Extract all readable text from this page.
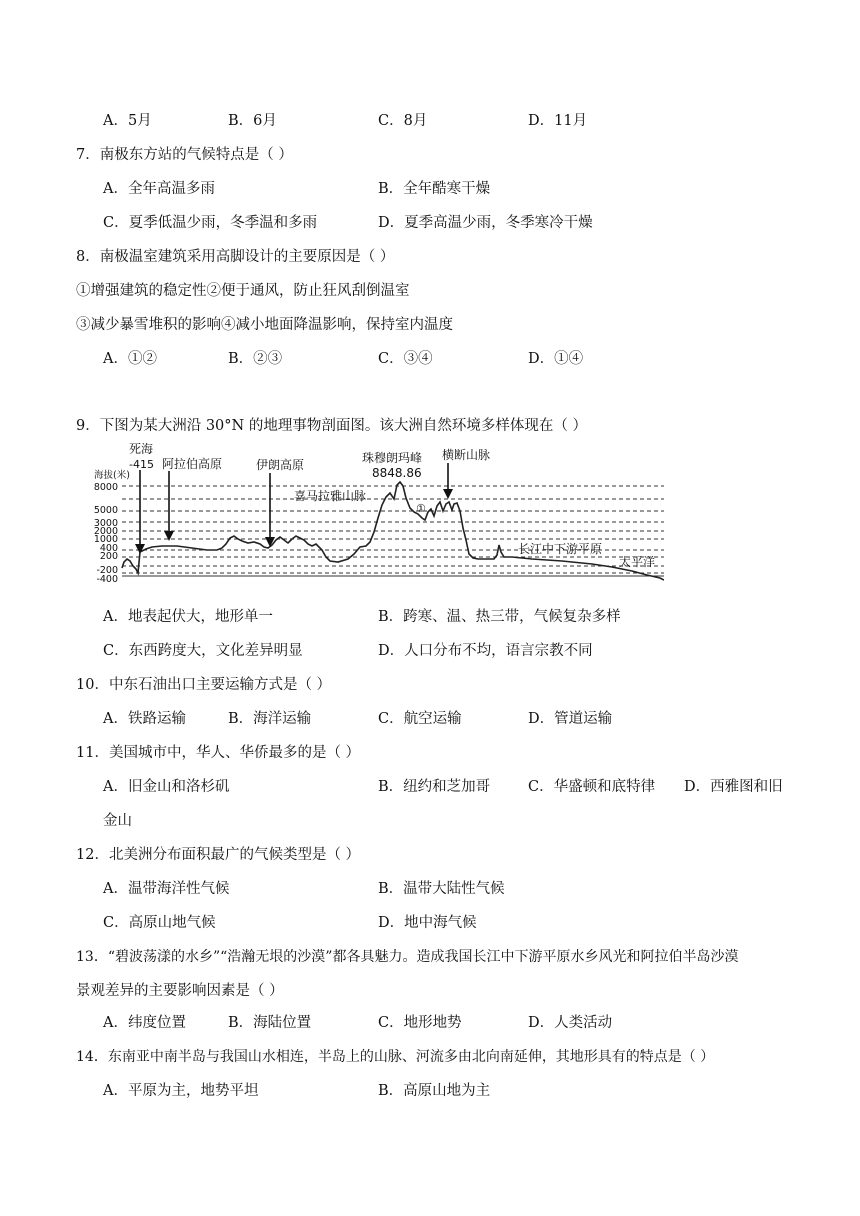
A．5月	B．6月	C．8月	D．11月
7．南极东方站的气候特点是（ ）
A．全年高温多雨	B．全年酷寒干燥
C．夏季低温少雨，冬季温和多雨	D．夏季高温少雨，冬季寒冷干燥
8．南极温室建筑采用高脚设计的主要原因是（ ）
①增强建筑的稳定性②便于通风，防止狂风刮倒温室
③减少暴雪堆积的影响④减小地面降温影响，保持室内温度
A．①②	B．②③	C．③④	D．①④
9．下图为某大洲沿 30°N 的地理事物剖面图。该大洲自然环境多样体现在（ ）
海拔(米)
8000
5000
3000
2000
1000
400
200
-200
-400
①
死海
-415 阿拉伯高原	伊朗高原	珠穆朗玛峰
8848.86
横断山脉
喜马拉雅山脉
长江中下游平原
太平洋
A．地表起伏大，地形单一	B．跨寒、温、热三带，气候复杂多样
C．东西跨度大，文化差异明显	D．人口分布不均，语言宗教不同
10．中东石油出口主要运输方式是（ ）
A．铁路运输	B．海洋运输	C．航空运输	D．管道运输
11．美国城市中，华人、华侨最多的是（ ）
A．旧金山和洛杉矶	B．纽约和芝加哥	C．华盛顿和底特律 D．西雅图和旧
金山
12．北美洲分布面积最广的气候类型是（ ）
A．温带海洋性气候	B．温带大陆性气候
C．高原山地气候	D．地中海气候
13．“碧波荡漾的水乡”“浩瀚无垠的沙漠”都各具魅力。造成我国长江中下游平原水乡风光和阿拉伯半岛沙漠
景观差异的主要影响因素是（ ）
A．纬度位置	B．海陆位置	C．地形地势	D．人类活动
14．东南亚中南半岛与我国山水相连，半岛上的山脉、河流多由北向南延伸，其地形具有的特点是（ ）
A．平原为主，地势平坦	B．高原山地为主
